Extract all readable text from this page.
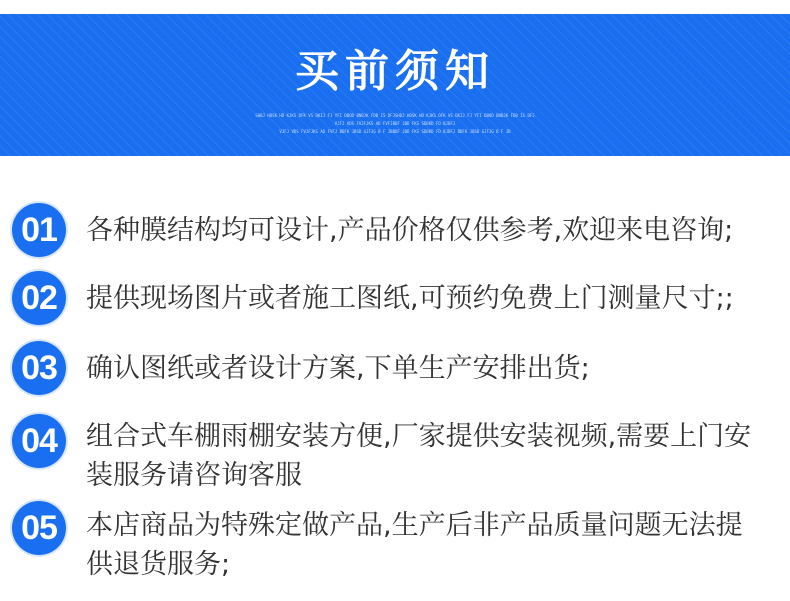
买前须知
SHBJ HDSK HD KJKS DFK VS DKIJ FJ YFI DBOD BNBJK FDB IS DFJSHDJ HDSK HD KJKS DFK VS DKIJ FJ YFI DBOD BNBJK FDB IS DFJ
VJFJ VDS FVJFJKS AD FVFJBDF JBD FKS SDBKD FD BJDFJ
VJFJ VDS FVJFJKS AD FVFJ BDFK JBSD GJFJG B F JBBDF JBD FKS SDBKD FD BJDFJ BDFK JBSD GJFJG B F JB
01	各种膜结构均可设计,产品价格仅供参考,欢迎来电咨询;
02	提供现场图片或者施工图纸,可预约免费上门测量尺寸;;
03	确认图纸或者设计方案,下单生产安排出货;
04	组合式车棚雨棚安装方便,厂家提供安装视频,需要上门安装服务请咨询客服
05	本店商品为特殊定做产品,生产后非产品质量问题无法提供退货服务;
